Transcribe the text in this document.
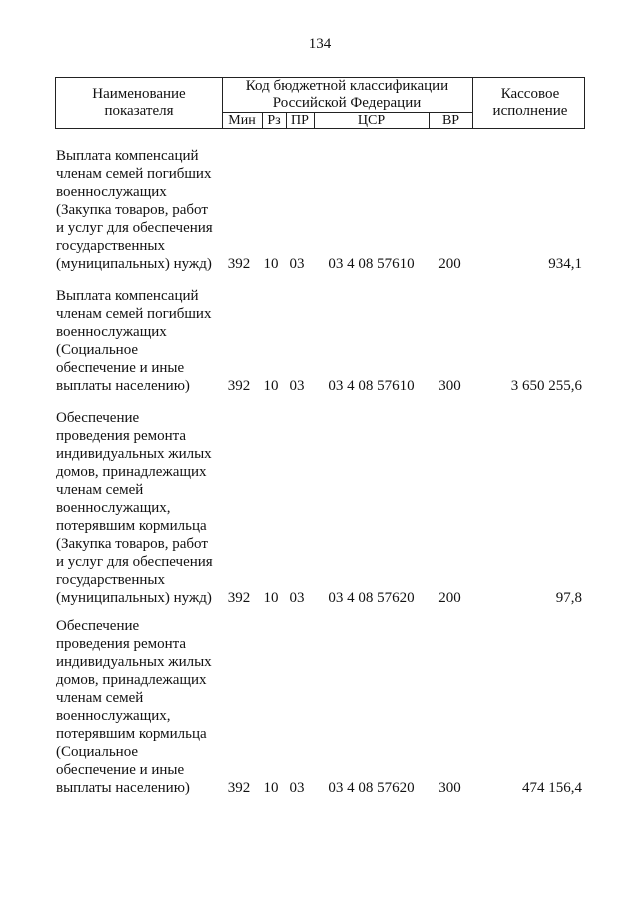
134
Наименование показателя
Код бюджетной классификации Российской Федерации
Кассовое исполнение
Мин Рз ПР	ЦСР	ВР
Выплата компенсаций
членам семей погибших
военнослужащих
(Закупка товаров, работ
и услуг для обеспечения
государственных
(муниципальных) нужд)	392 10 03	03 4 08 57610	200	934,1
Выплата компенсаций
членам семей погибших
военнослужащих
(Социальное
обеспечение и иные
выплаты населению)	392 10 03	03 4 08 57610	300	3 650 255,6
Обеспечение
проведения ремонта
индивидуальных жилых
домов, принадлежащих
членам семей
военнослужащих,
потерявшим кормильца
(Закупка товаров, работ
и услуг для обеспечения
государственных
(муниципальных) нужд)	392 10 03	03 4 08 57620	200	97,8
Обеспечение
проведения ремонта
индивидуальных жилых
домов, принадлежащих
членам семей
военнослужащих,
потерявшим кормильца
(Социальное
обеспечение и иные
выплаты населению)	392 10 03	03 4 08 57620	300	474 156,4
